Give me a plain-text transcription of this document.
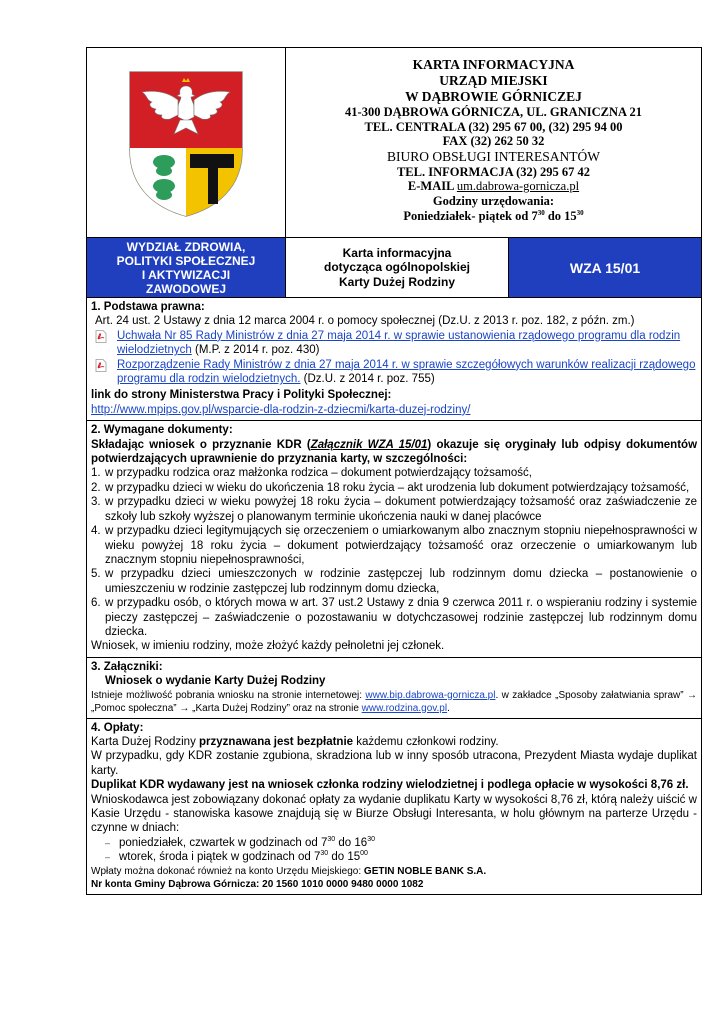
KARTA INFORMACYJNA
URZĄD MIEJSKI
W DĄBROWIE GÓRNICZEJ
41-300 DĄBROWA GÓRNICZA, UL. GRANICZNA 21
TEL. CENTRALA (32) 295 67 00, (32) 295 94 00
FAX (32) 262 50 32
BIURO OBSŁUGI INTERESANTÓW
TEL. INFORMACJA (32) 295 67 42
E-MAIL um.dabrowa-gornicza.pl
Godziny urzędowania:
Poniedziałek- piątek od $7^{30}$ do $15^{30}$
WYDZIAŁ ZDROWIA,
POLITYKI SPOŁECZNEJ
I AKTYWIZACJI
ZAWODOWEJ
Karta informacyjna
dotycząca ogólnopolskiej
Karty Dużej Rodziny
WZA 15/01
1. Podstawa prawna:
Art. 24 ust. 2 Ustawy z dnia 12 marca 2004 r. o pomocy społecznej (Dz.U. z 2013 r. poz. 182, z późn. zm.)
Uchwała Nr 85 Rady Ministrów z dnia 27 maja 2014 r. w sprawie ustanowienia rządowego programu dla rodzin wielodzietnych (M.P. z 2014 r. poz. 430)
Rozporządzenie Rady Ministrów z dnia 27 maja 2014 r. w sprawie szczegółowych warunków realizacji rządowego programu dla rodzin wielodzietnych. (Dz.U. z 2014 r. poz. 755)
link do strony Ministerstwa Pracy i Polityki Społecznej:
http://www.mpips.gov.pl/wsparcie-dla-rodzin-z-dziecmi/karta-duzej-rodziny/
2. Wymagane dokumenty:
Składając wniosek o przyznanie KDR (Załącznik WZA 15/01) okazuje się oryginały lub odpisy dokumentów potwierdzających uprawnienie do przyznania karty, w szczególności:
1. w przypadku rodzica oraz małżonka rodzica – dokument potwierdzający tożsamość,
2. w przypadku dzieci w wieku do ukończenia 18 roku życia – akt urodzenia lub dokument potwierdzający tożsamość,
3. w przypadku dzieci w wieku powyżej 18 roku życia – dokument potwierdzający tożsamość oraz zaświadczenie ze szkoły lub szkoły wyższej o planowanym terminie ukończenia nauki w danej placówce
4. w przypadku dzieci legitymujących się orzeczeniem o umiarkowanym albo znacznym stopniu niepełnosprawności w wieku powyżej 18 roku życia – dokument potwierdzający tożsamość oraz orzeczenie o umiarkowanym lub znacznym stopniu niepełnosprawności,
5. w przypadku dzieci umieszczonych w rodzinie zastępczej lub rodzinnym domu dziecka – postanowienie o umieszczeniu w rodzinie zastępczej lub rodzinnym domu dziecka,
6. w przypadku osób, o których mowa w art. 37 ust.2 Ustawy z dnia 9 czerwca 2011 r. o wspieraniu rodziny i systemie pieczy zastępczej – zaświadczenie o pozostawaniu w dotychczasowej rodzinie zastępczej lub rodzinnym domu dziecka.
Wniosek, w imieniu rodziny, może złożyć każdy pełnoletni jej członek.
3. Załączniki:
Wniosek o wydanie Karty Dużej Rodziny
Istnieje możliwość pobrania wniosku na stronie internetowej: www.bip.dabrowa-gornicza.pl. w zakładce „Sposoby załatwiania spraw” → „Pomoc społeczna” → „Karta Dużej Rodziny” oraz na stronie www.rodzina.gov.pl.
4. Opłaty:
Karta Dużej Rodziny przyznawana jest bezpłatnie każdemu członkowi rodziny.
W przypadku, gdy KDR zostanie zgubiona, skradziona lub w inny sposób utracona, Prezydent Miasta wydaje duplikat karty.
Duplikat KDR wydawany jest na wniosek członka rodziny wielodzietnej i podlega opłacie w wysokości 8,76 zł.
Wnioskodawca jest zobowiązany dokonać opłaty za wydanie duplikatu Karty w wysokości 8,76 zł, którą należy uiścić w Kasie Urzędu - stanowiska kasowe znajdują się w Biurze Obsługi Interesanta, w holu głównym na parterze Urzędu - czynne w dniach:
– poniedziałek, czwartek w godzinach od $7^{30}$ do $16^{30}$
– wtorek, środa i piątek w godzinach od $7^{30}$ do $15^{00}$
Wpłaty można dokonać również na konto Urzędu Miejskiego: GETIN NOBLE BANK S.A.
Nr konta Gminy Dąbrowa Górnicza: 20 1560 1010 0000 9480 0000 1082
